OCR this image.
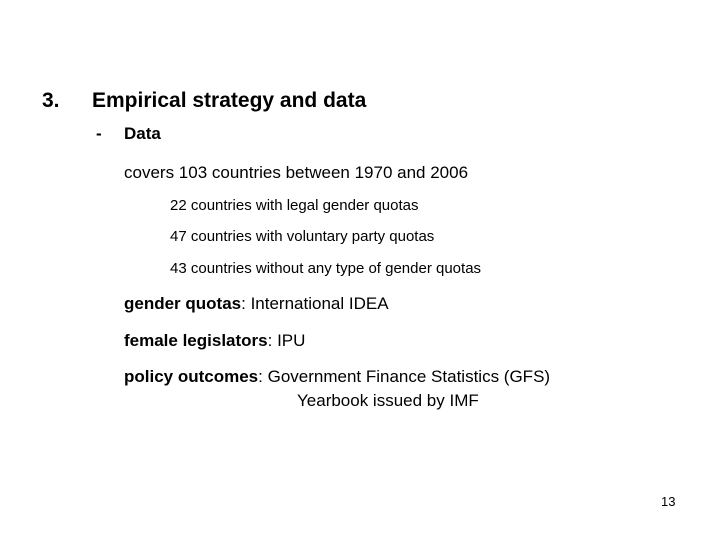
3. Empirical strategy and data
- Data
covers 103 countries between 1970 and 2006
22 countries with legal gender quotas
47 countries with voluntary party quotas
43 countries without any type of gender quotas
gender quotas: International IDEA
female legislators: IPU
policy outcomes: Government Finance Statistics (GFS)
Yearbook issued by IMF
13
